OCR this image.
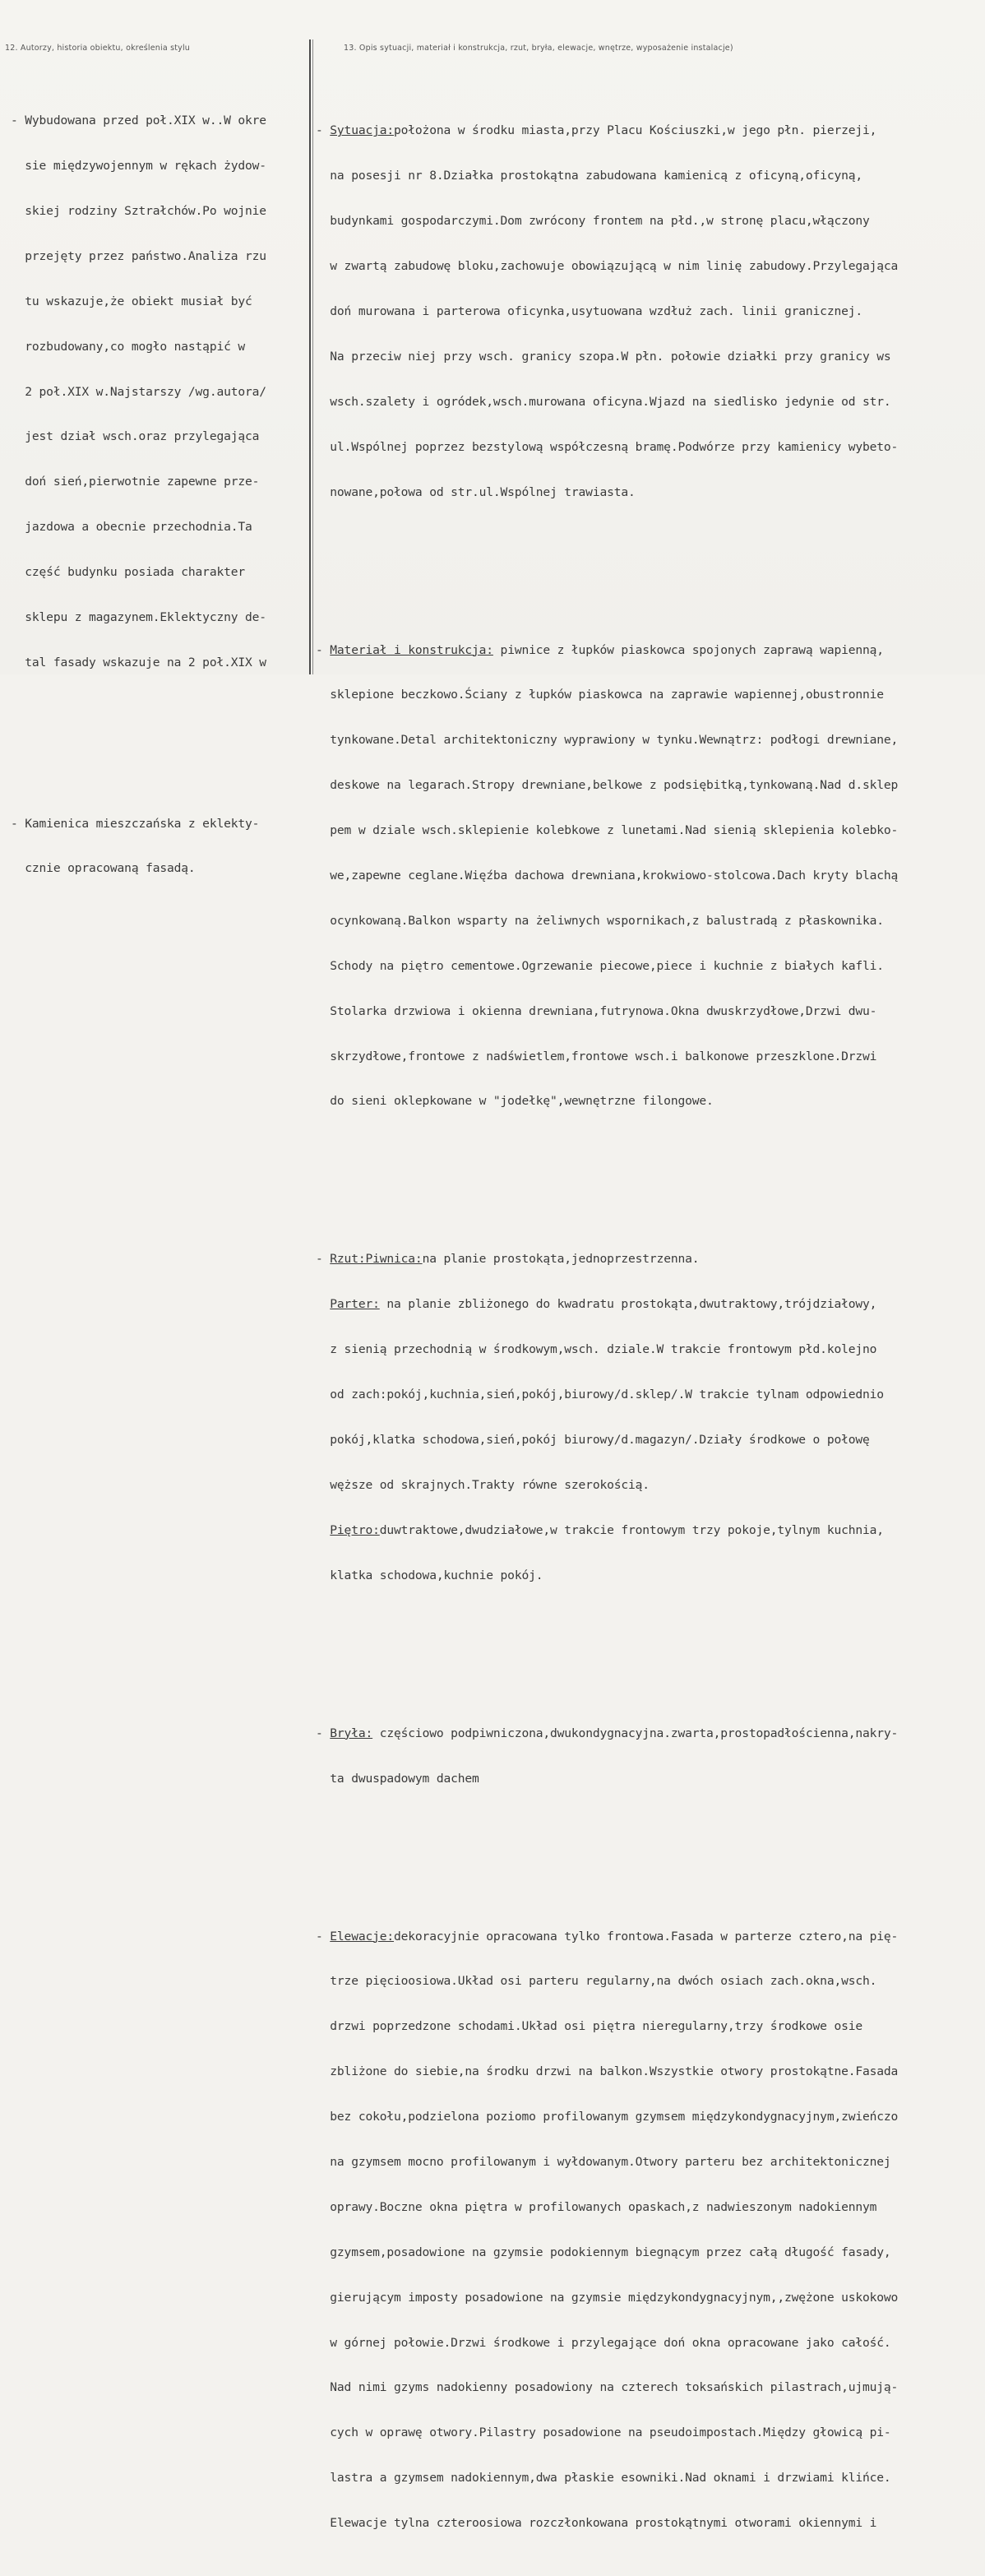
12. Autorzy, historia obiektu, określenia stylu	13. Opis sytuacji, materiał i konstrukcja, rzut, bryła, elewacje, wnętrze, wyposażenie instalacje)

- Wybudowana przed poł.XIX w..W okre

sie międzywojennym w rękach żydow-

skiej rodziny Sztrałchów.Po wojnie

przejęty przez państwo.Analiza rzu

tu wskazuje,że obiekt musiał być

rozbudowany,co mogło nastąpić w

2 poł.XIX w.Najstarszy /wg.autora/

jest dział wsch.oraz przylegająca

doń sień,pierwotnie zapewne prze-

jazdowa a obecnie przechodnia.Ta

część budynku posiada charakter

sklepu z magazynem.Eklektyczny de-

tal fasady wskazuje na 2 poł.XIX w

- Kamienica mieszczańska z eklekty-

cznie opracowaną fasadą.

- Sytuacja:położona w środku miasta,przy Placu Kościuszki,w jego płn. pierzeji,

na posesji nr 8.Działka prostokątna zabudowana kamienicą z oficyną,oficyną,

budynkami gospodarczymi.Dom zwrócony frontem na płd.,w stronę placu,włączony

w zwartą zabudowę bloku,zachowuje obowiązującą w nim linię zabudowy.Przylegająca

doń murowana i parterowa oficynka,usytuowana wzdłuż zach. linii granicznej.

Na przeciw niej przy wsch. granicy szopa.W płn. połowie działki przy granicy ws

wsch.szalety i ogródek,wsch.murowana oficyna.Wjazd na siedlisko jedynie od str.

ul.Wspólnej poprzez bezstylową współczesną bramę.Podwórze przy kamienicy wybeto-

nowane,połowa od str.ul.Wspólnej trawiasta.

- Materiał i konstrukcja: piwnice z łupków piaskowca spojonych zaprawą wapienną,

sklepione beczkowo.Ściany z łupków piaskowca na zaprawie wapiennej,obustronnie

tynkowane.Detal architektoniczny wyprawiony w tynku.Wewnątrz: podłogi drewniane,

deskowe na legarach.Stropy drewniane,belkowe z podsiębitką,tynkowaną.Nad d.sklep

pem w dziale wsch.sklepienie kolebkowe z lunetami.Nad sienią sklepienia kolebko-

we,zapewne ceglane.Więźba dachowa drewniana,krokwiowo-stolcowa.Dach kryty blachą

ocynkowaną.Balkon wsparty na żeliwnych wspornikach,z balustradą z płaskownika.

Schody na piętro cementowe.Ogrzewanie piecowe,piece i kuchnie z białych kafli.

Stolarka drzwiowa i okienna drewniana,futrynowa.Okna dwuskrzydłowe,Drzwi dwu-

skrzydłowe,frontowe z nadświetlem,frontowe wsch.i balkonowe przeszklone.Drzwi

do sieni oklepkowane w "jodełkę",wewnętrzne filongowe.

- Rzut:Piwnica:na planie prostokąta,jednoprzestrzenna.

Parter: na planie zbliżonego do kwadratu prostokąta,dwutraktowy,trójdziałowy,

z sienią przechodnią w środkowym,wsch. dziale.W trakcie frontowym płd.kolejno

od zach:pokój,kuchnia,sień,pokój,biurowy/d.sklep/.W trakcie tylnam odpowiednio

pokój,klatka schodowa,sień,pokój biurowy/d.magazyn/.Działy środkowe o połowę

węższe od skrajnych.Trakty równe szerokością.

Piętro:duwtraktowe,dwudziałowe,w trakcie frontowym trzy pokoje,tylnym kuchnia,

klatka schodowa,kuchnie pokój.

- Bryła: częściowo podpiwniczona,dwukondygnacyjna.zwarta,prostopadłościenna,nakry-

ta dwuspadowym dachem

- Elewacje:dekoracyjnie opracowana tylko frontowa.Fasada w parterze cztero,na pię-

trze pięcioosiowa.Układ osi parteru regularny,na dwóch osiach zach.okna,wsch.

drzwi poprzedzone schodami.Układ osi piętra nieregularny,trzy środkowe osie

zbliżone do siebie,na środku drzwi na balkon.Wszystkie otwory prostokątne.Fasada

bez cokołu,podzielona poziomo profilowanym gzymsem międzykondygnacyjnym,zwieńczo

na gzymsem mocno profilowanym i wyłdowanym.Otwory parteru bez architektonicznej

oprawy.Boczne okna piętra w profilowanych opaskach,z nadwieszonym nadokiennym

gzymsem,posadowione na gzymsie podokiennym biegnącym przez całą długość fasady,

gierującym imposty posadowione na gzymsie międzykondygnacyjnym,,zwężone uskokowo

w górnej połowie.Drzwi środkowe i przylegające doń okna opracowane jako całość.

Nad nimi gzyms nadokienny posadowiony na czterech toksańskich pilastrach,ujmują-

cych w oprawę otwory.Pilastry posadowione na pseudoimpostach.Między głowicą pi-

lastra a gzymsem nadokiennym,dwa płaskie esowniki.Nad oknami i drzwiami klińce.

Elewacje tylna czteroosiowa rozczłonkowana prostokątnymi otworami okiennymi i
